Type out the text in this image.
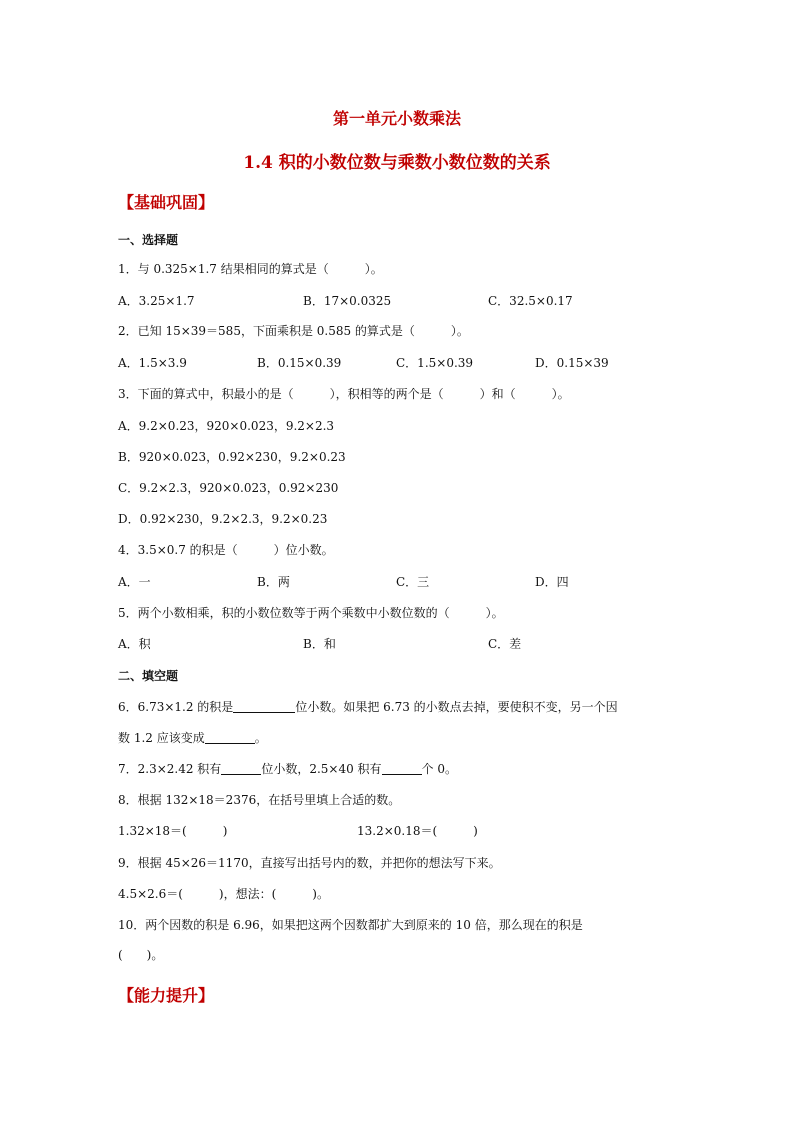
第一单元小数乘法
1.4 积的小数位数与乘数小数位数的关系
【基础巩固】
一、选择题
1．与 0.325×1.7 结果相同的算式是（　　　）。
A．3.25×1.7	B．17×0.0325	C．32.5×0.17
2．已知 15×39＝585，下面乘积是 0.585 的算式是（　　　）。
A．1.5×3.9	B．0.15×0.39	C．1.5×0.39	D．0.15×39
3．下面的算式中，积最小的是（　　　），积相等的两个是（　　　）和（　　　）。
A．9.2×0.23，920×0.023，9.2×2.3
B．920×0.023，0.92×230，9.2×0.23
C．9.2×2.3，920×0.023，0.92×230
D．0.92×230，9.2×2.3，9.2×0.23
4．3.5×0.7 的积是（　　　）位小数。
A．一	B．两	C．三	D．四
5．两个小数相乘，积的小数位数等于两个乘数中小数位数的（　　　）。
A．积	B．和	C．差
二、填空题
6．6.73×1.2 的积是	位小数。如果把 6.73 的小数点去掉，要使积不变，另一个因
数 1.2 应该变成	。
7．2.3×2.42 积有	位小数，2.5×40 积有	个 0。
8．根据 132×18＝2376，在括号里填上合适的数。
1.32×18＝(　　　)	13.2×0.18＝(　　　)
9．根据 45×26＝1170，直接写出括号内的数，并把你的想法写下来。
4.5×2.6＝(　　　)，想法：(　　　)。
10．两个因数的积是 6.96，如果把这两个因数都扩大到原来的 10 倍，那么现在的积是
(　　)。
【能力提升】
